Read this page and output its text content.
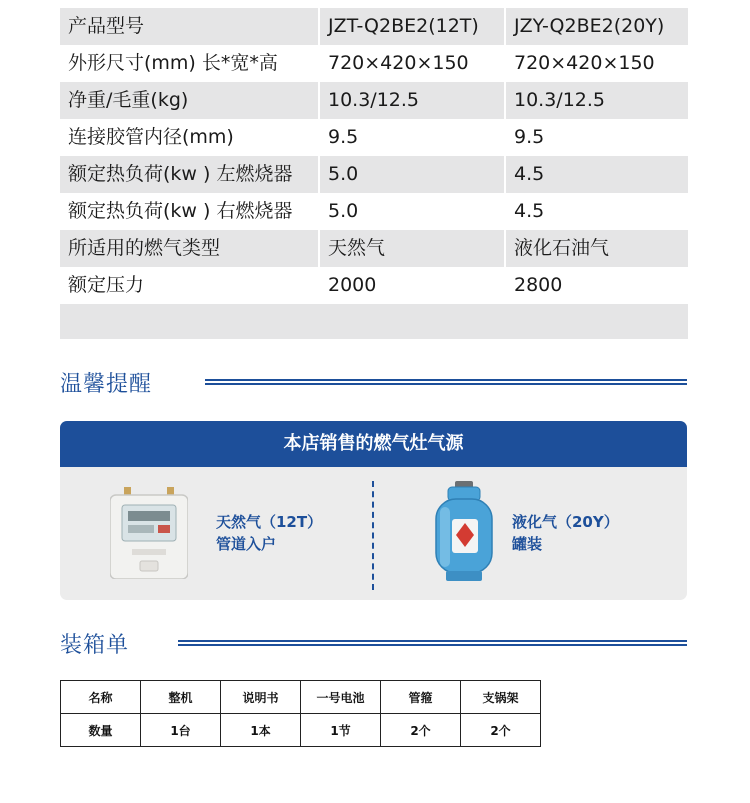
产品型号	JZT-Q2BE2(12T)	JZY-Q2BE2(20Y)
外形尺寸(mm) 长*宽*高	720×420×150	720×420×150
净重/毛重(kg)	10.3/12.5	10.3/12.5
连接胶管内径(mm)	9.5	9.5
额定热负荷(kw ) 左燃烧器	5.0	4.5
额定热负荷(kw ) 右燃烧器	5.0	4.5
所适用的燃气类型	天然气	液化石油气
额定压力	2000	2800
温馨提醒
本店销售的燃气灶气源
天然气（12T）
管道入户
液化气（20Y）
罐装
装箱单
名称	整机	说明书	一号电池	管箍	支锅架
数量	1台	1本	1节	2个	2个
